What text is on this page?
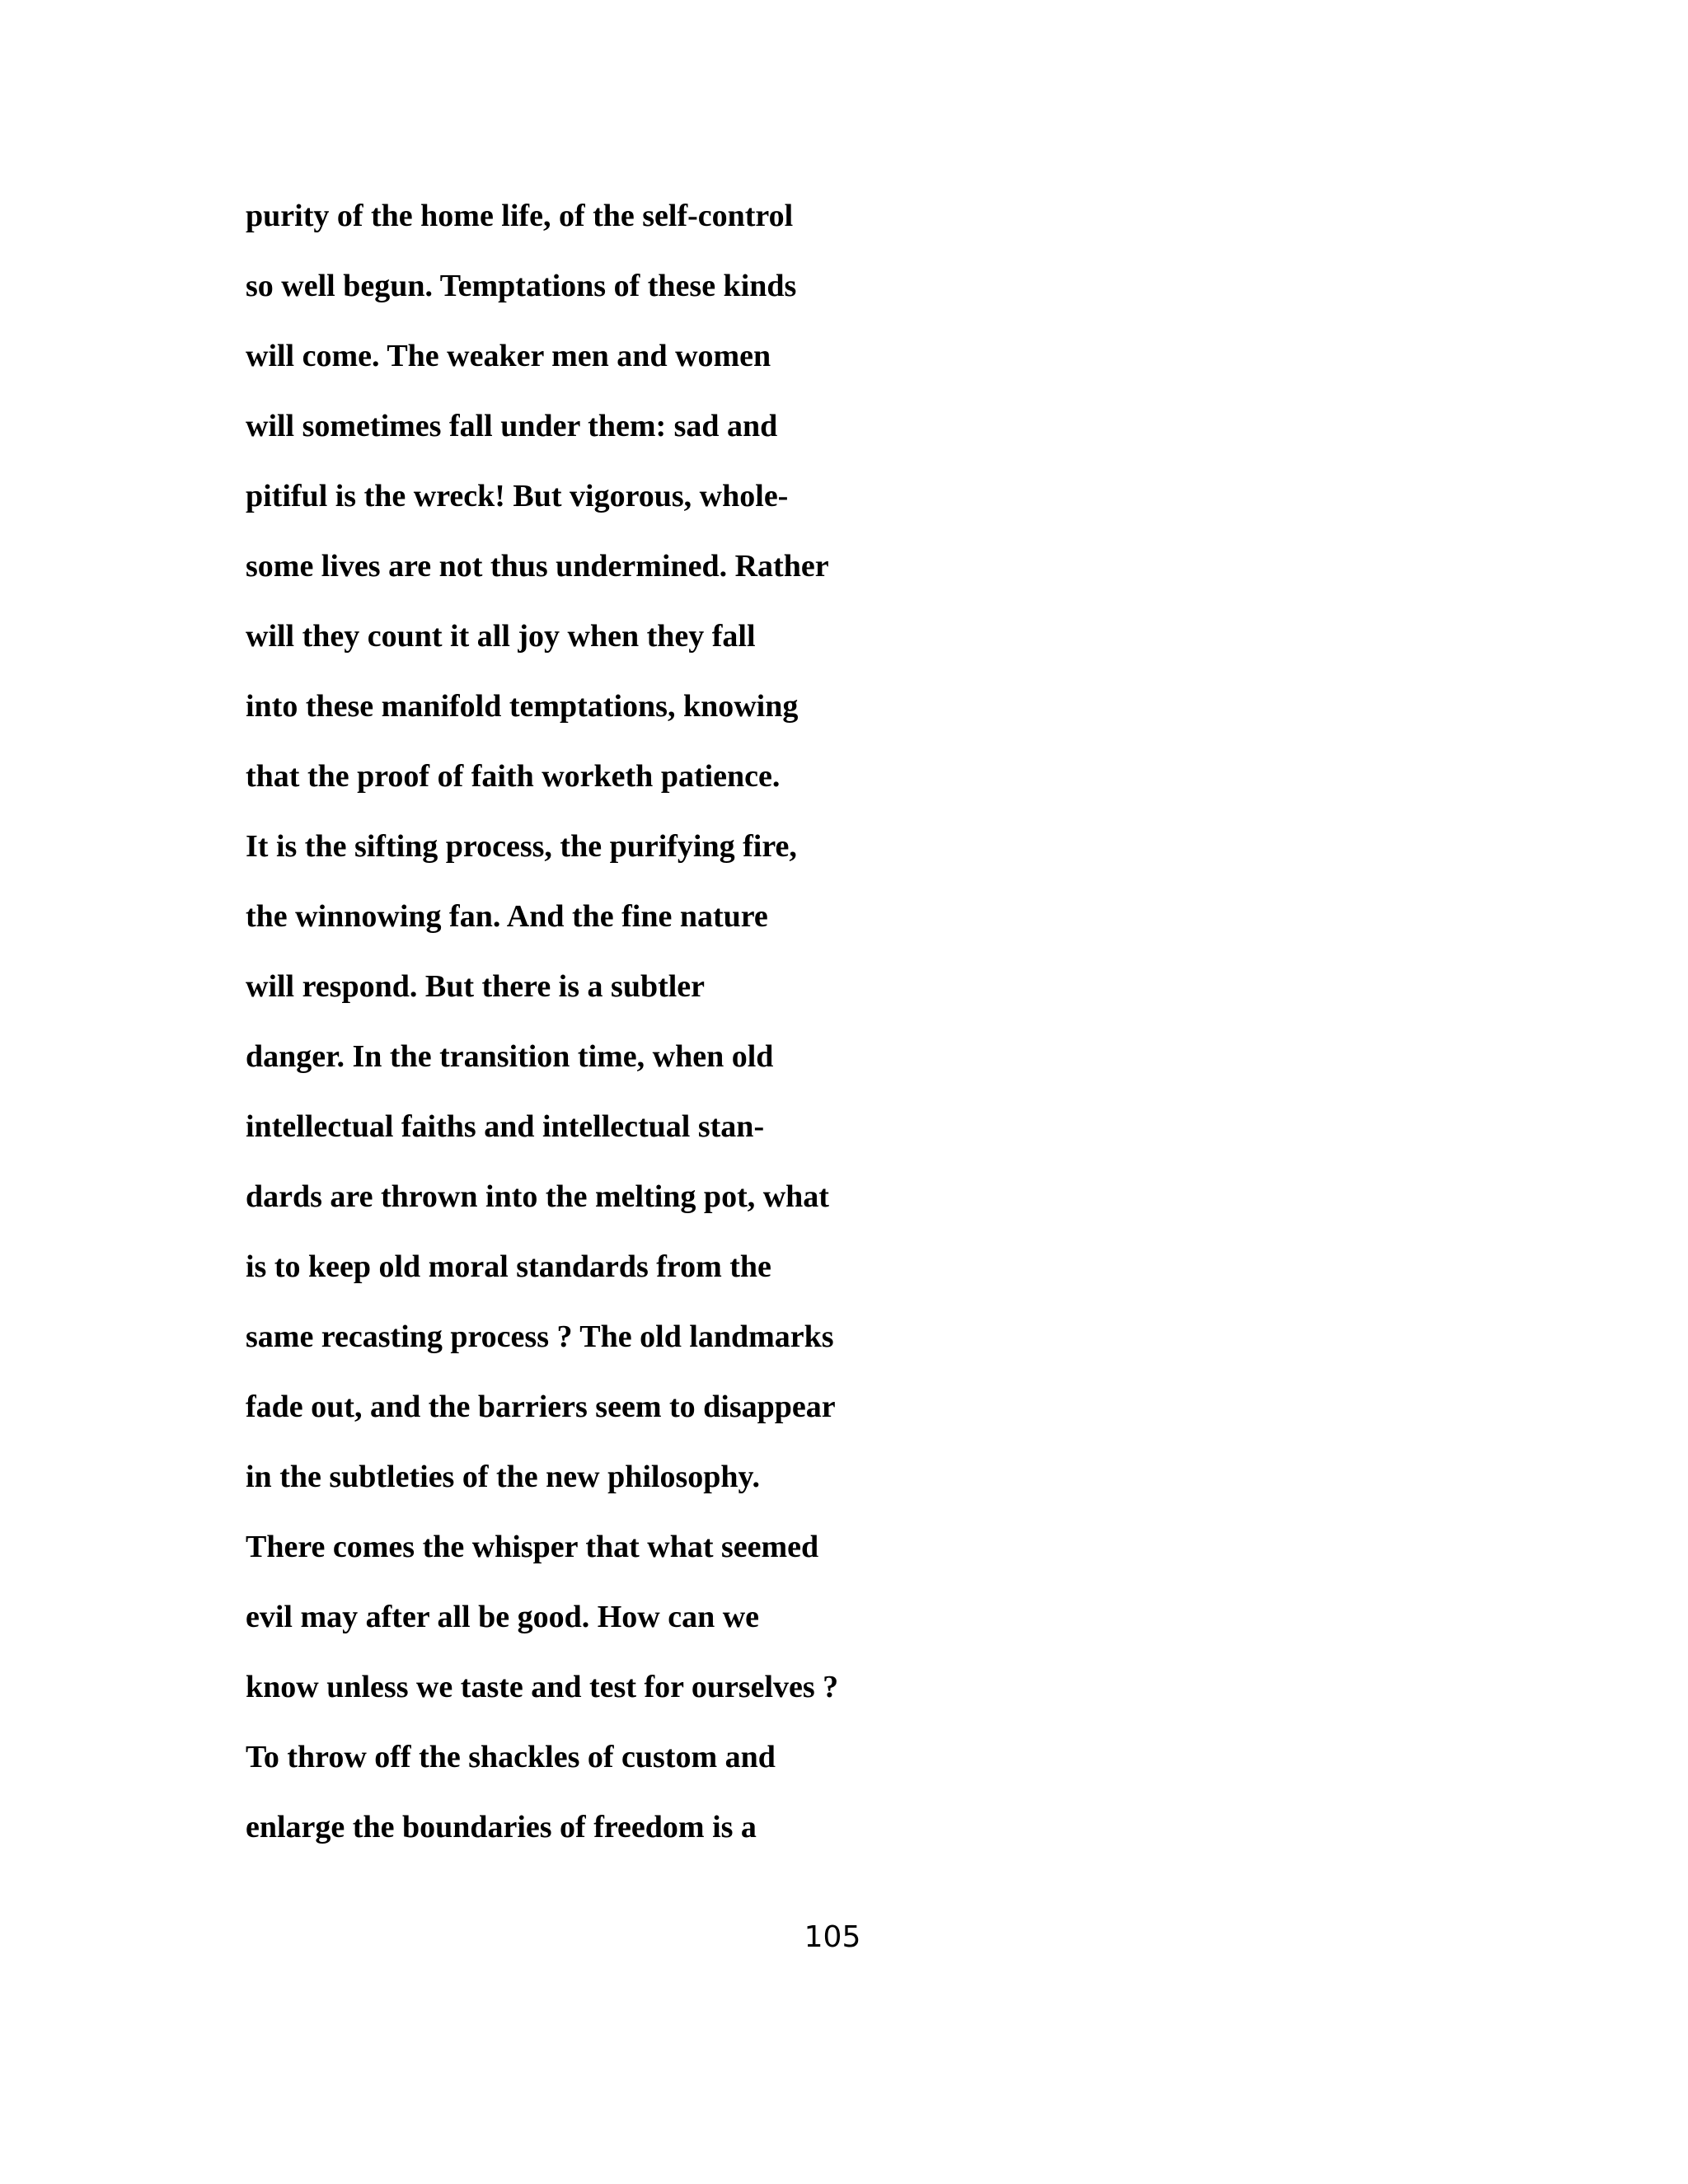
purity of the home life, of the self-control
so well begun. Temptations of these kinds
will come. The weaker men and women
will sometimes fall under them: sad and
pitiful is the wreck! But vigorous, whole-
some lives are not thus undermined. Rather
will they count it all joy when they fall
into these manifold temptations, knowing
that the proof of faith worketh patience.
It is the sifting process, the purifying fire,
the winnowing fan. And the fine nature
will respond. But there is a subtler
danger. In the transition time, when old
intellectual faiths and intellectual stan-
dards are thrown into the melting pot, what
is to keep old moral standards from the
same recasting process ? The old landmarks
fade out, and the barriers seem to disappear
in the subtleties of the new philosophy.
There comes the whisper that what seemed
evil may after all be good. How can we
know unless we taste and test for ourselves ?
To throw off the shackles of custom and
enlarge the boundaries of freedom is a
105
